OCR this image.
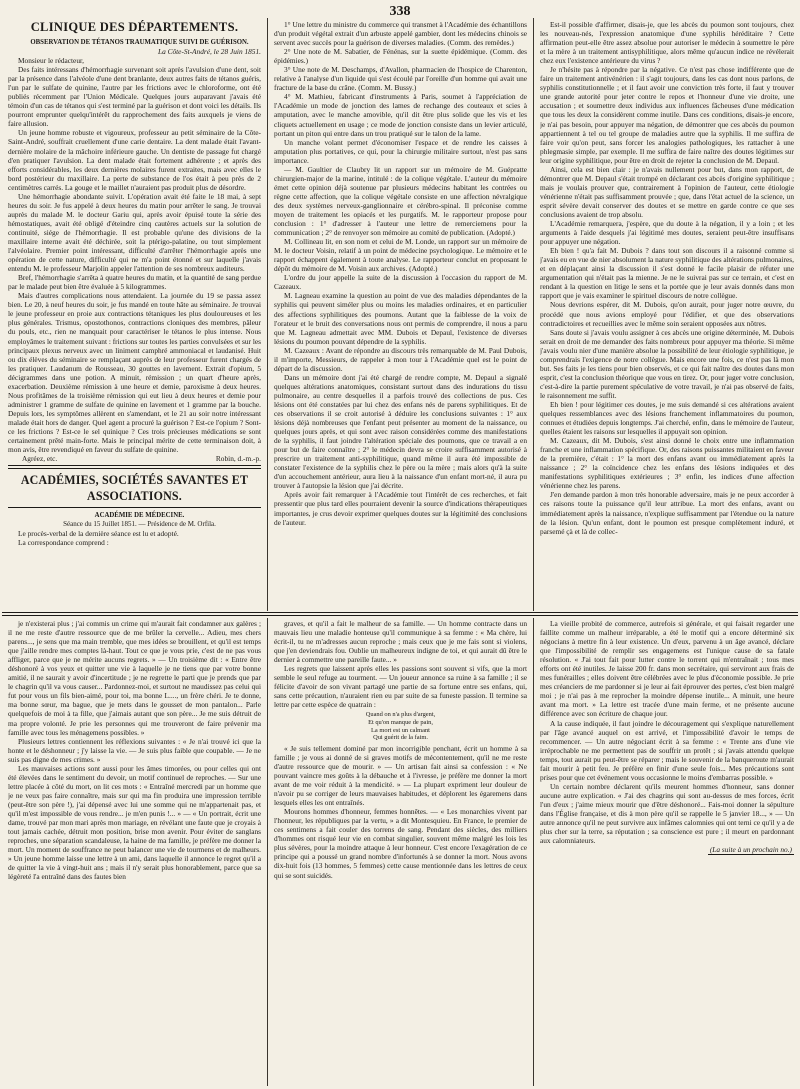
338
CLINIQUE DES DÉPARTEMENTS.

OBSERVATION DE TÉTANOS TRAUMATIQUE SUIVI DE GUÉRISON.

La Côte-St-André, le 28 Juin 1851.

Monsieur le rédacteur,

Des faits intéressans d'hémorrhagie survenant soit après l'avulsion d'une dent, soit par la présence dans l'alvéole d'une dent branlante, deux autres faits de tétanos guéris, l'un par le sulfate de quinine, l'autre par les frictions avec le chloroforme, ont été publiés récemment par l'Union Médicale. Quelques jours auparavant j'avais été témoin d'un cas de tétanos qui s'est terminé par la guérison et dont voici les détails. Ils pourront emprunter quelqu'intérêt du rapprochement des faits auxquels je viens de faire allusion.

Un jeune homme robuste et vigoureux, professeur au petit séminaire de la Côte-Saint-André, souffrait cruellement d'une carie dentaire. La dent malade était l'avant-dernière molaire de la mâchoire inférieure gauche. Un dentiste de passage fut chargé d'en pratiquer l'avulsion. La dent malade était fortement adhérente ; et après des efforts considérables, les deux dernières molaires furent extraites, mais avec elles le bord postérieur du maxillaire. La perte de substance de l'os était à peu près de 2 centimètres carrés. La gouge et le maillet n'auraient pas produit plus de désordre.

Une hémorrhagie abondante suivit. L'opération avait été faite le 18 mai, à sept heures du soir. Je fus appelé à deux heures du matin pour arrêter le sang. Je trouvai auprès du malade M. le docteur Gariu qui, après avoir épuisé toute la série des hémostatiques, avait été obligé d'éteindre cinq cautères actuels sur la solution de continuité, siége de l'hémorrhagie. Il est probable qu'une des divisions de la maxillaire interne avait été déchirée, soit la ptérigo-palatine, ou tout simplement l'alvéolaire. Premier point intéressant, difficulté d'arrêter l'hémorrhagie après une opération de cette nature, difficulté qui ne m'a point étonné et sur laquelle j'avais entendu M. le professeur Marjolin appeler l'attention de ses nombreux auditeurs.

Bref, l'hémorrhagie s'arrêta à quatre heures du matin, et la quantité de sang perdue par le malade peut bien être évaluée à 5 kilogrammes.

Mais d'autres complications nous attendaient. La journée du 19 se passa assez bien. Le 20, à neuf heures du soir, je fus mandé en toute hâte au séminaire. Je trouvai le jeune professeur en proie aux contractions tétaniques les plus douloureuses et les plus générales. Trismus, opostothonos, contractions cloniques des membres, pâleur du pouls, etc., rien ne manquait pour caractériser le tétanos le plus intense. Nous employâmes le traitement suivant : frictions sur toutes les parties convulsées et sur les principaux plexus nerveux avec un liniment camphré ammoniacal et laudanisé. Huit ou dix élèves du séminaire se remplaçant auprès de leur professeur furent chargés de les pratiquer. Laudanum de Rousseau, 30 gouttes en lavement. Extrait d'opium, 5 décigrammes dans une potion. A minuit, rémission ; un quart d'heure après, exacerbation. Deuxième rémission à une heure et demie, paroxisme à deux heures. Nous profitâmes de la troisième rémission qui eut lieu à deux heures et demie pour administrer 1 gramme de sulfate de quinine en lavement et 1 gramme par la bouche. Depuis lors, les symptômes allèrent en s'amendant, et le 21 au soir notre intéressant malade était hors de danger. Quel agent a procuré la guérison ? Est-ce l'opium ? Sont-ce les frictions ? Est-ce le sel quinique ? Ces trois précieuses médications se sont certainement prêté main-forte. Mais le principal mérite de cette terminaison doit, à mon avis, être revendiqué en faveur du sulfate de quinine.

Agréez, etc.	Robin, d.-m.-p.

ACADÉMIES, SOCIÉTÉS SAVANTES ET ASSOCIATIONS.

ACADÉMIE DE MÉDECINE.

Séance du 15 Juillet 1851. — Présidence de M. Orfila.

Le procès-verbal de la dernière séance est lu et adopté.

La correspondance comprend :

1° Une lettre du ministre du commerce qui transmet à l'Académie des échantillons d'un produit végétal extrait d'un arbuste appelé gambier, dont les médecins chinois se servent avec succès pour la guérison de diverses maladies. (Comm. des remèdes.)

2° Une note de M. Sabatier, de Fénénas, sur la suette épidémique. (Comm. des épidémies.)

3° Une note de M. Deschamps, d'Avallon, pharmacien de l'hospice de Charenton, relative à l'analyse d'un liquide qui s'est écoulé par l'oreille d'un homme qui avait une fracture de la base du crâne. (Comm. M. Bussy.)

4° M. Mathieu, fabricant d'instruments à Paris, soumet à l'appréciation de l'Académie un mode de jonction des lames de rechange des couteaux et scies à amputation, avec le manche amovible, qu'il dit être plus solide que les vis et les cliquets actuellement en usage ; ce mode de jonction consiste dans un levier articulé, portant un piton qui entre dans un trou pratiqué sur le talon de la lame.

Un manche volant permet d'économiser l'espace et de rendre les caisses à amputation plus portatives, ce qui, pour la chirurgie militaire surtout, n'est pas sans importance.

— M. Gaultier de Claubry lit un rapport sur un mémoire de M. Guépratte chirurgien-major de la marine, intitulé : de la colique végétale. L'auteur du mémoire émet cette opinion déjà soutenue par plusieurs médecins habitant les contrées ou règne cette affection, que la colique végétale consiste en une affection névralgique des deux systèmes nerveux-ganglionnaire et cérébro-spinal. Il préconise comme moyen de traitement les opiacés et les purgatifs. M. le rapporteur propose pour conclusion : 1° d'adresser à l'auteur une lettre de remerciemens pour la communication ; 2° de renvoyer son mémoire au comité de publication. (Adopté.)

M. Collineau lit, en son nom et celui de M. Londe, un rapport sur un mémoire de M. le docteur Voisin, relatif à un point de médecine psychologique. Le mémoire et le rapport échappent également à toute analyse. Le rapporteur conclut en proposant le dépôt du mémoire de M. Voisin aux archives. (Adopté.)

L'ordre du jour appelle la suite de la discussion à l'occasion du rapport de M. Cazeaux.

M. Lagneau examine la question au point de vue des maladies dépendantes de la syphilis qui peuvent siméler plus ou moins les maladies ordinaires, et en particulier des affections syphilitiques des poumons. Autant que la faiblesse de la voix de l'orateur et le bruit des conversations nous ont permis de comprendre, il nous a paru que M. Lagneau admettait avec MM. Dubois et Depaul, l'existence de diverses lésions du poumon pouvant dépendre de la syphilis.

M. Cazeaux : Avant de répondre au discours très remarquable de M. Paul Dubois, il m'importe, Messieurs, de rappeler à mon tour à l'Académie quel est le point de départ de la discussion.

Dans un mémoire dont j'ai été chargé de rendre compte, M. Depaul a signalé quelques altérations anatomiques, consistant surtout dans des indurations du tissu pulmonaire, au centre desquelles il a parfois trouvé des collections de pus. Ces lésions ont été constatées par lui chez des enfans nés de parens syphilitiques. Et de ces observations il se croit autorisé à déduire les conclusions suivantes : 1° aux lésions déjà nombreuses que l'enfant peut présenter au moment de la naissance, ou quelques jours après, et qui sont avec raison considérées comme des manifestations de la syphilis, il faut joindre l'altération spéciale des poumons, que ce travail a en pour but de faire connaître ; 2° le médecin devra se croire suffisamment autorisé à prescrire un traitement anti-syphilitique, quand même il aura été impossible de constater l'existence de la syphilis chez le père ou la mère ; mais alors qu'à la suite d'un accouchement antérieur, aura lieu à la naissance d'un enfant mort-né, il aura pu trouver à l'autopsie la lésion que j'ai décrite.

Après avoir fait remarquer à l'Académie tout l'intérêt de ces recherches, et fait pressentir que plus tard elles pourraient devenir la source d'indications thérapeutiques importantes, je crus devoir exprimer quelques doutes sur la légitimité des conclusions de l'auteur.

Est-il possible d'affirmer, disais-je, que les abcès du poumon sont toujours, chez les nouveau-nés, l'expression anatomique d'une syphilis héréditaire ? Cette affirmation peut-elle être assez absolue pour autoriser le médecin à soumettre le père et la mère à un traitement antisyphilitique, alors même qu'aucun indice ne révélerait chez eux l'existence antérieure du virus ?

Je n'hésite pas à répondre par la négative. Ce n'est pas chose indifférente que de faire un traitement antivénérien : il s'agit toujours, dans les cas dont nous parlons, de syphilis constitutionnelle ; et il faut avoir une conviction très forte, il faut y trouver une grande autorité pour jeter contre le repos et l'honneur d'une vie droite, une accusation ; et soumettre deux individus aux influences fâcheuses d'une médication que tous les deux la considèrent comme inutile. Dans ces conditions, disais-je encore, je n'ai pas besoin, pour appuyer ma négation, de démontrer que ces abcès du poumon appartiennent à tel ou tel groupe de maladies autre que la syphilis. Il me suffira de faire voir qu'on peut, sans forcer les analogies pathologiques, les rattacher à une phlegmasie simple, par exemple. Il me suffira de faire naître des doutes légitimes sur leur origine syphilitique, pour être en droit de rejeter la conclusion de M. Depaul.

Ainsi, cela est bien clair : je n'avais nullement pour but, dans mon rapport, de démontrer que M. Depaul s'était trompé en déclarant ces abcès d'origine syphilitique ; mais je voulais prouver que, contrairement à l'opinion de l'auteur, cette étiologie vénérienne n'était pas suffisamment prouvée ; que, dans l'état actuel de la science, un esprit sévère devait conserver des doutes et se mettre en garde contre ce que ses conclusions avaient de trop absolu.

L'Académie remarquera, j'espère, que du doute à la négation, il y a loin ; et les arguments à l'aide desquels j'ai légitimé mes doutes, seraient peut-être insuffisans pour appuyer une négation.

Eh bien ! qu'a fait M. Dubois ? dans tout son discours il a raisonné comme si j'avais eu en vue de nier absolument la nature syphilitique des altérations pulmonaires, et en déplaçant ainsi la discussion il s'est donné le facile plaisir de réfuter une argumentation qui n'était pas la mienne. Je ne le suivrai pas sur ce terrain, et c'est en rendant à la question en litige le sens et la portée que je leur avais donnés dans mon rapport que je vais examiner le spirituel discours de notre collègue.

Nous devrions espérer, dit M. Dubois, qu'on aurait, pour juger notre œuvre, du procédé que nous avions employé pour l'édifier, et que des observations contradictoires et recueillies avec le même soin seraient opposées aux nôtres.

Sans doute si j'avais voulu assigner à ces abcès une origine déterminée, M. Dubois serait en droit de me demander des faits nombreux pour appuyer ma théorie. Si même j'avais voulu nier d'une manière absolue la possibilité de leur étiologie syphilitique, je comprendrais l'exigence de notre collègue. Mais encore une fois, ce n'est pas là mon but. Ses faits je les tiens pour bien observés, et ce qui fait naître des doutes dans mon esprit, c'est la conclusion théorique que vous en tirez. Or, pour juger votre conclusion, c'est-à-dire la partie purement spéculative de votre travail, je n'ai pas observé de faits, le raisonnement me suffit.

Eh bien ! pour légitimer ces doutes, je me suis demandé si ces altérations avaient quelques ressemblances avec des lésions franchement inflammatoires du poumon, connues et étudiées depuis longtemps. J'ai cherché, enfin, dans le mémoire de l'auteur, quelles étaient les raisons sur lesquelles il appuyait son opinion.

M. Cazeaux, dit M. Dubois, s'est ainsi donné le choix entre une inflammation franche et une inflammation spécifique. Or, des raisons puissantes militaient en faveur de la première, c'était : 1° la mort des enfans avant ou immédiatement après la naissance ; 2° la coïncidence chez les enfans des lésions indiquées et des manifestations syphilitiques extérieures ; 3° enfin, les indices d'une affection vénérienne chez les parens.

J'en demande pardon à mon très honorable adversaire, mais je ne peux accorder à ces raisons toute la puissance qu'il leur attribue. La mort des enfans, avant ou immédiatement après la naissance, n'explique suffisamment par l'étendue ou la nature de la lésion. Qu'un enfant, dont le poumon est presque complètement induré, et parsemé çà et là de collec-

je n'existerai plus ; j'ai commis un crime qui m'aurait fait condamner aux galères ; il ne me reste d'autre ressource que de me brûler la cervelle... Adieu, mes chers parens..., je sens que ma main tremble, que mes idées se brouillent, et qu'il est temps que j'aille rendre mes comptes là-haut. Tout ce que je vous prie, c'est de ne pas vous affliger, parce que je ne mérite aucuns regrets. » — Un troisième dit : « Entre être déshonoré à vos yeux et quitter une vie à laquelle je ne tiens que par votre bonne amitié, il ne saurait y avoir d'incertitude ; je ne regrette le parti que je prends que par le chagrin qu'il va vous causer... Pardonnez-moi, et surtout ne maudissez pas celui qui fut pour vous un fils bien-aimé, pour toi, ma bonne L...., un frère chéri. Je te donne, ma bonne sœur, ma bague, que je mets dans le gousset de mon pantalon... Parle quelquefois de moi à ta fille, que j'aimais autant que son père... Je me suis détruit de ma propre volonté. Je prie les personnes qui me trouveront de faire prévenir ma famille avec tous les ménagemens possibles. »

Plusieurs lettres contiennent les réflexions suivantes : « Je n'ai trouvé ici que la honte et le déshonneur ; j'y laisse la vie. — Je suis plus faible que coupable. — Je ne suis pas digne de mes crimes. »

Les mauvaises actions sont aussi pour les âmes timorées, ou pour celles qui ont été élevées dans le sentiment du devoir, un motif continuel de reproches. — Sur une lettre placée à côté du mort, on lit ces mots : « Entraîné mercredi par un homme que je ne veux pas faire connaître, mais sur qui ma fin produira une impression terrible (peut-être son père !), j'ai dépensé avec lui une somme qui ne m'appartenait pas, et qu'il m'est impossible de vous rendre... je m'en punis !... » — « Un portrait, écrit une dame, trouvé par mon mari après mon mariage, en révélant une faute que je croyais à tout jamais cachée, détruit mon position, brise mon avenir. Pour éviter de sanglans reproches, une séparation scandaleuse, la haine de ma famille, je préfère me donner la mort. Un moment de souffrance ne peut balancer une vie de tourmens et de malheurs. » Un jeune homme laisse une lettre à un ami, dans laquelle il annonce le regret qu'il a de quitter la vie à vingt-huit ans ; mais il n'y serait plus honorablement, parce que sa légèreté l'a entraîné dans des fautes bien

graves, et qu'il a fait le malheur de sa famille. — Un homme contracte dans un mauvais lieu une maladie honteuse qu'il communique à sa femme : « Ma chère, lui écrit-il, tu ne m'adresses aucun reproche ; mais ceux que je me fais sont si violens, que j'en deviendrais fou. Oublie un malheureux indigne de toi, et qui aurait dû être le dernier à commettre une pareille faute... »

Les regrets que laissent après elles les passions sont souvent si vifs, que la mort semble le seul refuge au tourment. — Un joueur annonce sa ruine à sa famille ; il se félicite d'avoir de son vivant partagé une partie de sa fortune entre ses enfans, qui, sans cette précaution, n'auraient rien eu par suite de sa funeste passion. Il termine sa lettre par cette espèce de quatrain :

Quand on n'a plus d'argent,
Et qu'on manque de pain,
La mort est un calmant
Qui guérit de la faim.

« Je suis tellement dominé par mon incorrigible penchant, écrit un homme à sa famille ; je vous ai donné de si graves motifs de mécontentement, qu'il ne me reste d'autre ressource que de mourir. » — Un artisan fait ainsi sa confession : « Ne pouvant vaincre mes goûts à la débauche et à l'ivresse, je préfère me donner la mort avant de me voir réduit à la mendicité. » — La plupart expriment leur douleur de n'avoir pu se corriger de leurs mauvaises habitudes, et déplorent les égaremens dans lesquels elles les ont entraînés.

Mourons hommes d'honneur, femmes honnêtes. — « Les monarchies vivent par l'honneur, les républiques par la vertu, » a dit Montesquieu. En France, le premier de ces sentimens a fait couler des torrens de sang. Pendant des siècles, des milliers d'hommes ont risqué leur vie en combat singulier, souvent même malgré les lois les plus sévères, pour la moindre attaque à leur honneur. C'est encore l'exagération de ce principe qui a poussé un grand nombre d'infortunés à se donner la mort. Nous avons dix-huit fois (13 hommes, 5 femmes) cette cause mentionnée dans les lettres de ceux qui se sont suicidés.

La vieille probité de commerce, autrefois si générale, et qui faisait regarder une faillite comme un malheur irréparable, a été le motif qui a encore déterminé six négocians à mettre fin à leur existence. Un d'eux, parvenu à un âge avancé, déclare que l'impossibilité de remplir ses engagemens est l'unique cause de sa fatale résolution. « J'ai tout fait pour lutter contre le torrent qui m'entraînait ; tous mes efforts ont été inutiles. Je laisse 200 fr. dans mon secrétaire, qui serviront aux frais de mes funérailles ; elles doivent être célébrées avec le plus d'économie possible. Je prie mes créanciers de me pardonner si je leur ai fait éprouver des pertes, c'est bien malgré moi ; je n'ai pas à me reprocher la moindre dépense inutile... A minuit, une heure avant ma mort. » La lettre est tracée d'une main ferme, et ne présente aucune différence avec son écriture de chaque jour.

A la cause indiquée, il faut joindre le découragement qui s'explique naturellement par l'âge avancé auquel on est arrivé, et l'impossibilité d'avoir le temps de recommencer. — Un autre négociant écrit à sa femme : « Trente ans d'une vie irréprochable ne me permettent pas de souffrir un protêt ; si j'avais attendu quelque temps, tout aurait pu peut-être se réparer ; mais le souvenir de la banqueroute m'aurait fait mourir à petit feu. Je préfère en finir d'une seule fois... Mes précautions sont prises pour que cet événement vous occasionne le moins d'embarras possible. »

Un certain nombre déclarent qu'ils meurent hommes d'honneur, sans donner aucune autre explication. « J'ai des chagrins qui sont au-dessus de mes forces, écrit l'un d'eux ; j'aime mieux mourir que d'être déshonoré... Fais-moi donner la sépulture dans l'Église française, et dis à mon père qu'il se rappelle le 5 janvier 18..., » — Un autre annonce qu'il ne peut survivre aux infâmes calomnies qui ont terni ce qu'il y a de plus cher sur la terre, sa réputation ; sa conscience est pure ; il meurt en pardonnant aux calomniateurs.

(La suite à un prochain no.)
